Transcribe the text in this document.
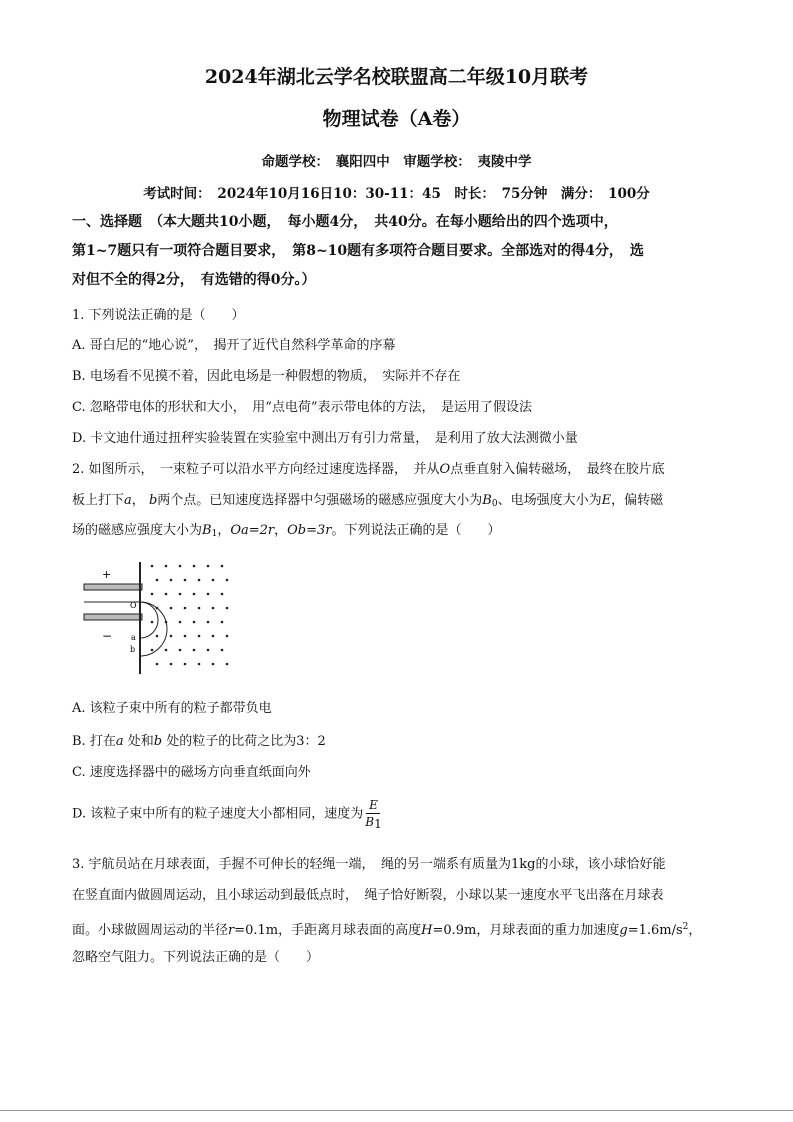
2024年湖北云学名校联盟高二年级10月联考
物理试卷（A卷）
命题学校：　襄阳四中　审题学校：　夷陵中学
考试时间：　2024年10月16日10：30-11：45　时长：　75分钟　满分：　100分
一、选择题　（本大题共10小题，　每小题4分，　共40分。在每小题给出的四个选项中，
第1~7题只有一项符合题目要求，　第8~10题有多项符合题目要求。全部选对的得4分，　选
对但不全的得2分，　有选错的得0分。）
1. 下列说法正确的是（　　）
A. 哥白尼的“地心说”，　揭开了近代自然科学革命的序幕
B. 电场看不见摸不着，因此电场是一种假想的物质，　实际并不存在
C. 忽略带电体的形状和大小，　用“点电荷”表示带电体的方法，　是运用了假设法
D. 卡文迪什通过扭秤实验装置在实验室中测出万有引力常量，　是利用了放大法测微小量
2. 如图所示，　一束粒子可以沿水平方向经过速度选择器，　并从O点垂直射入偏转磁场，　最终在胶片底
板上打下a， b两个点。已知速度选择器中匀强磁场的磁感应强度大小为$B_0$、电场强度大小为E，偏转磁
场的磁感应强度大小为$B_1$，Oa=2r，Ob=3r。下列说法正确的是（　　）
+
−
O
a
b
A. 该粒子束中所有的粒子都带负电
B. 打在a 处和b 处的粒子的比荷之比为3：2
C. 速度选择器中的磁场方向垂直纸面向外
D. 该粒子束中所有的粒子速度大小都相同，速度为 $\frac{E}{B1}$
3. 宇航员站在月球表面，手握不可伸长的轻绳一端，　绳的另一端系有质量为1kg的小球，该小球恰好能
在竖直面内做圆周运动，且小球运动到最低点时，　绳子恰好断裂，小球以某一速度水平飞出落在月球表
面。小球做圆周运动的半径r=0.1m，手距离月球表面的高度H=0.9m，月球表面的重力加速度$g=1.6m/s^2$，
忽略空气阻力。下列说法正确的是（　　）
